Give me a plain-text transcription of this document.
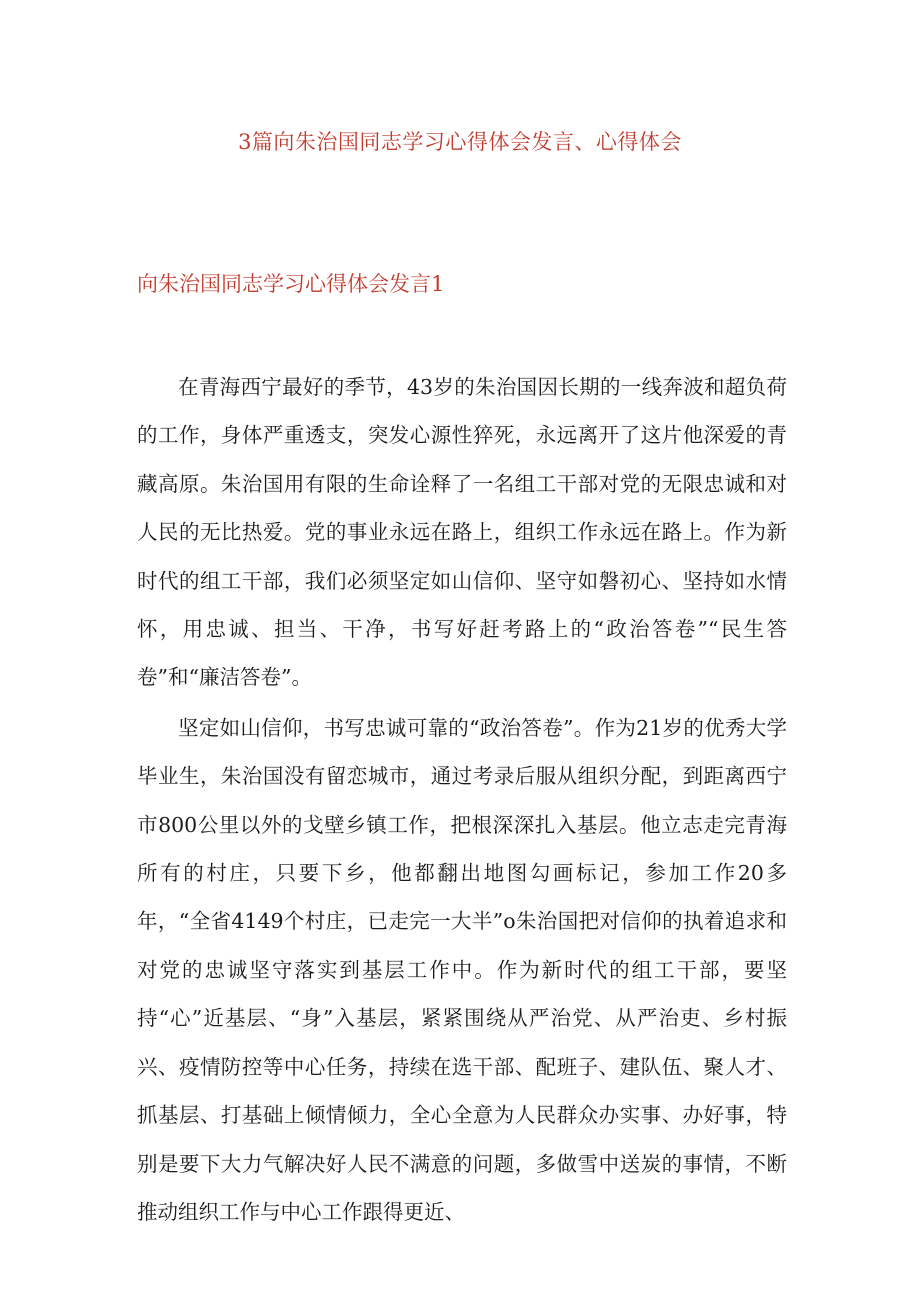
3篇向朱治国同志学习心得体会发言、心得体会
向朱治国同志学习心得体会发言1

在青海西宁最好的季节，43岁的朱治国因长期的一线奔波和超负荷的工作，身体严重透支，突发心源性猝死，永远离开了这片他深爱的青藏高原。朱治国用有限的生命诠释了一名组工干部对党的无限忠诚和对人民的无比热爱。党的事业永远在路上，组织工作永远在路上。作为新时代的组工干部，我们必须坚定如山信仰、坚守如磐初心、坚持如水情怀，用忠诚、担当、干净，书写好赶考路上的“政治答卷”“民生答卷”和“廉洁答卷”。

坚定如山信仰，书写忠诚可靠的“政治答卷”。作为21岁的优秀大学毕业生，朱治国没有留恋城市，通过考录后服从组织分配，到距离西宁市800公里以外的戈壁乡镇工作，把根深深扎入基层。他立志走完青海所有的村庄，只要下乡，他都翻出地图勾画标记，参加工作20多年，“全省4149个村庄，已走完一大半”o朱治国把对信仰的执着追求和对党的忠诚坚守落实到基层工作中。作为新时代的组工干部，要坚持“心”近基层、“身”入基层，紧紧围绕从严治党、从严治吏、乡村振兴、疫情防控等中心任务，持续在选干部、配班子、建队伍、聚人才、抓基层、打基础上倾情倾力，全心全意为人民群众办实事、办好事，特别是要下大力气解决好人民不满意的问题，多做雪中送炭的事情，不断推动组织工作与中心工作跟得更近、
